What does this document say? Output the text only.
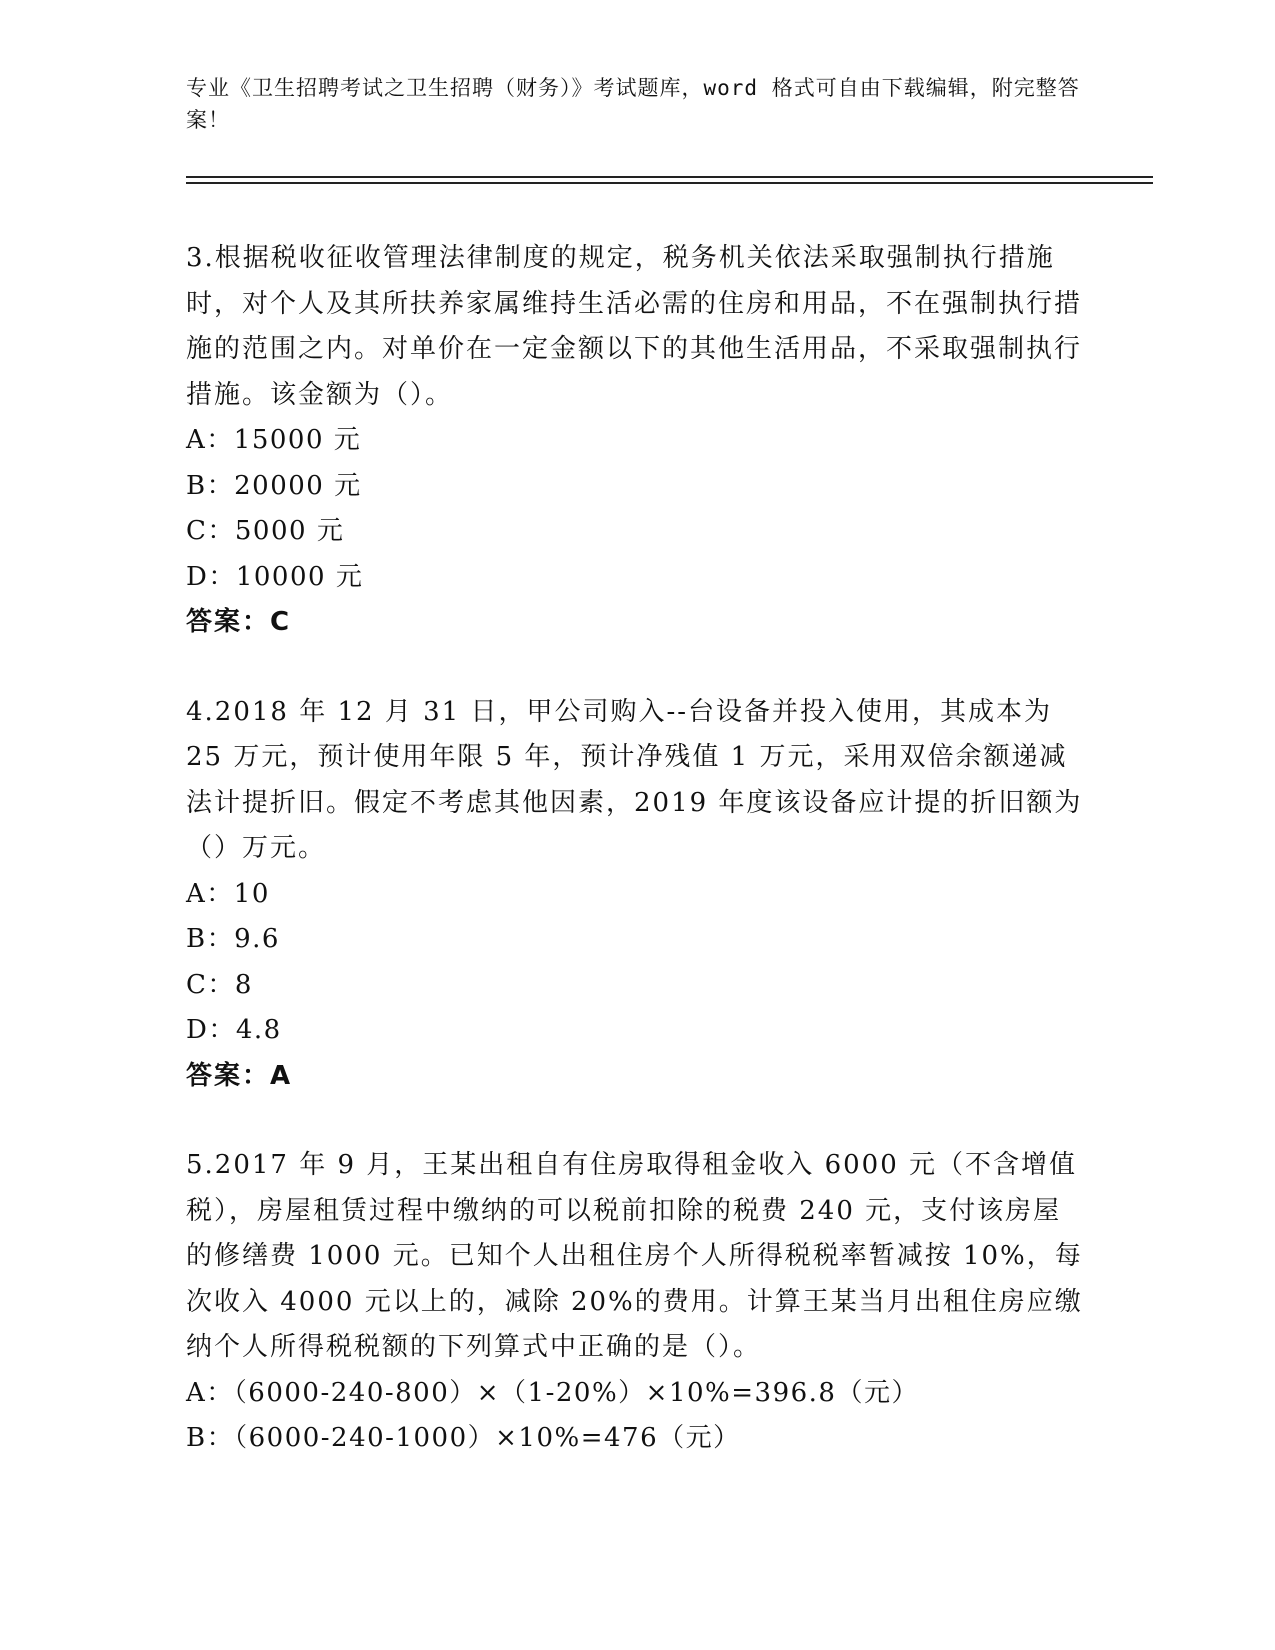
专业《卫生招聘考试之卫生招聘（财务）》考试题库，word 格式可自由下载编辑，附完整答案！

3.根据税收征收管理法律制度的规定，税务机关依法采取强制执行措施时，对个人及其所扶养家属维持生活必需的住房和用品，不在强制执行措施的范围之内。对单价在一定金额以下的其他生活用品，不采取强制执行措施。该金额为（）。

A：15000 元

B：20000 元

C：5000 元

D：10000 元

答案：C

4.2018 年 12 月 31 日，甲公司购入--台设备并投入使用，其成本为 25 万元，预计使用年限 5 年，预计净残值 1 万元，采用双倍余额递减法计提折旧。假定不考虑其他因素，2019 年度该设备应计提的折旧额为（）万元。

A：10

B：9.6

C：8

D：4.8

答案：A

5.2017 年 9 月，王某出租自有住房取得租金收入 6000 元（不含增值税），房屋租赁过程中缴纳的可以税前扣除的税费 240 元，支付该房屋的修缮费 1000 元。已知个人出租住房个人所得税税率暂减按 10%，每次收入 4000 元以上的，减除 20%的费用。计算王某当月出租住房应缴纳个人所得税税额的下列算式中正确的是（）。

A：（6000-240-800）×（1-20%）×10%=396.8（元）

B：（6000-240-1000）×10%=476（元）
